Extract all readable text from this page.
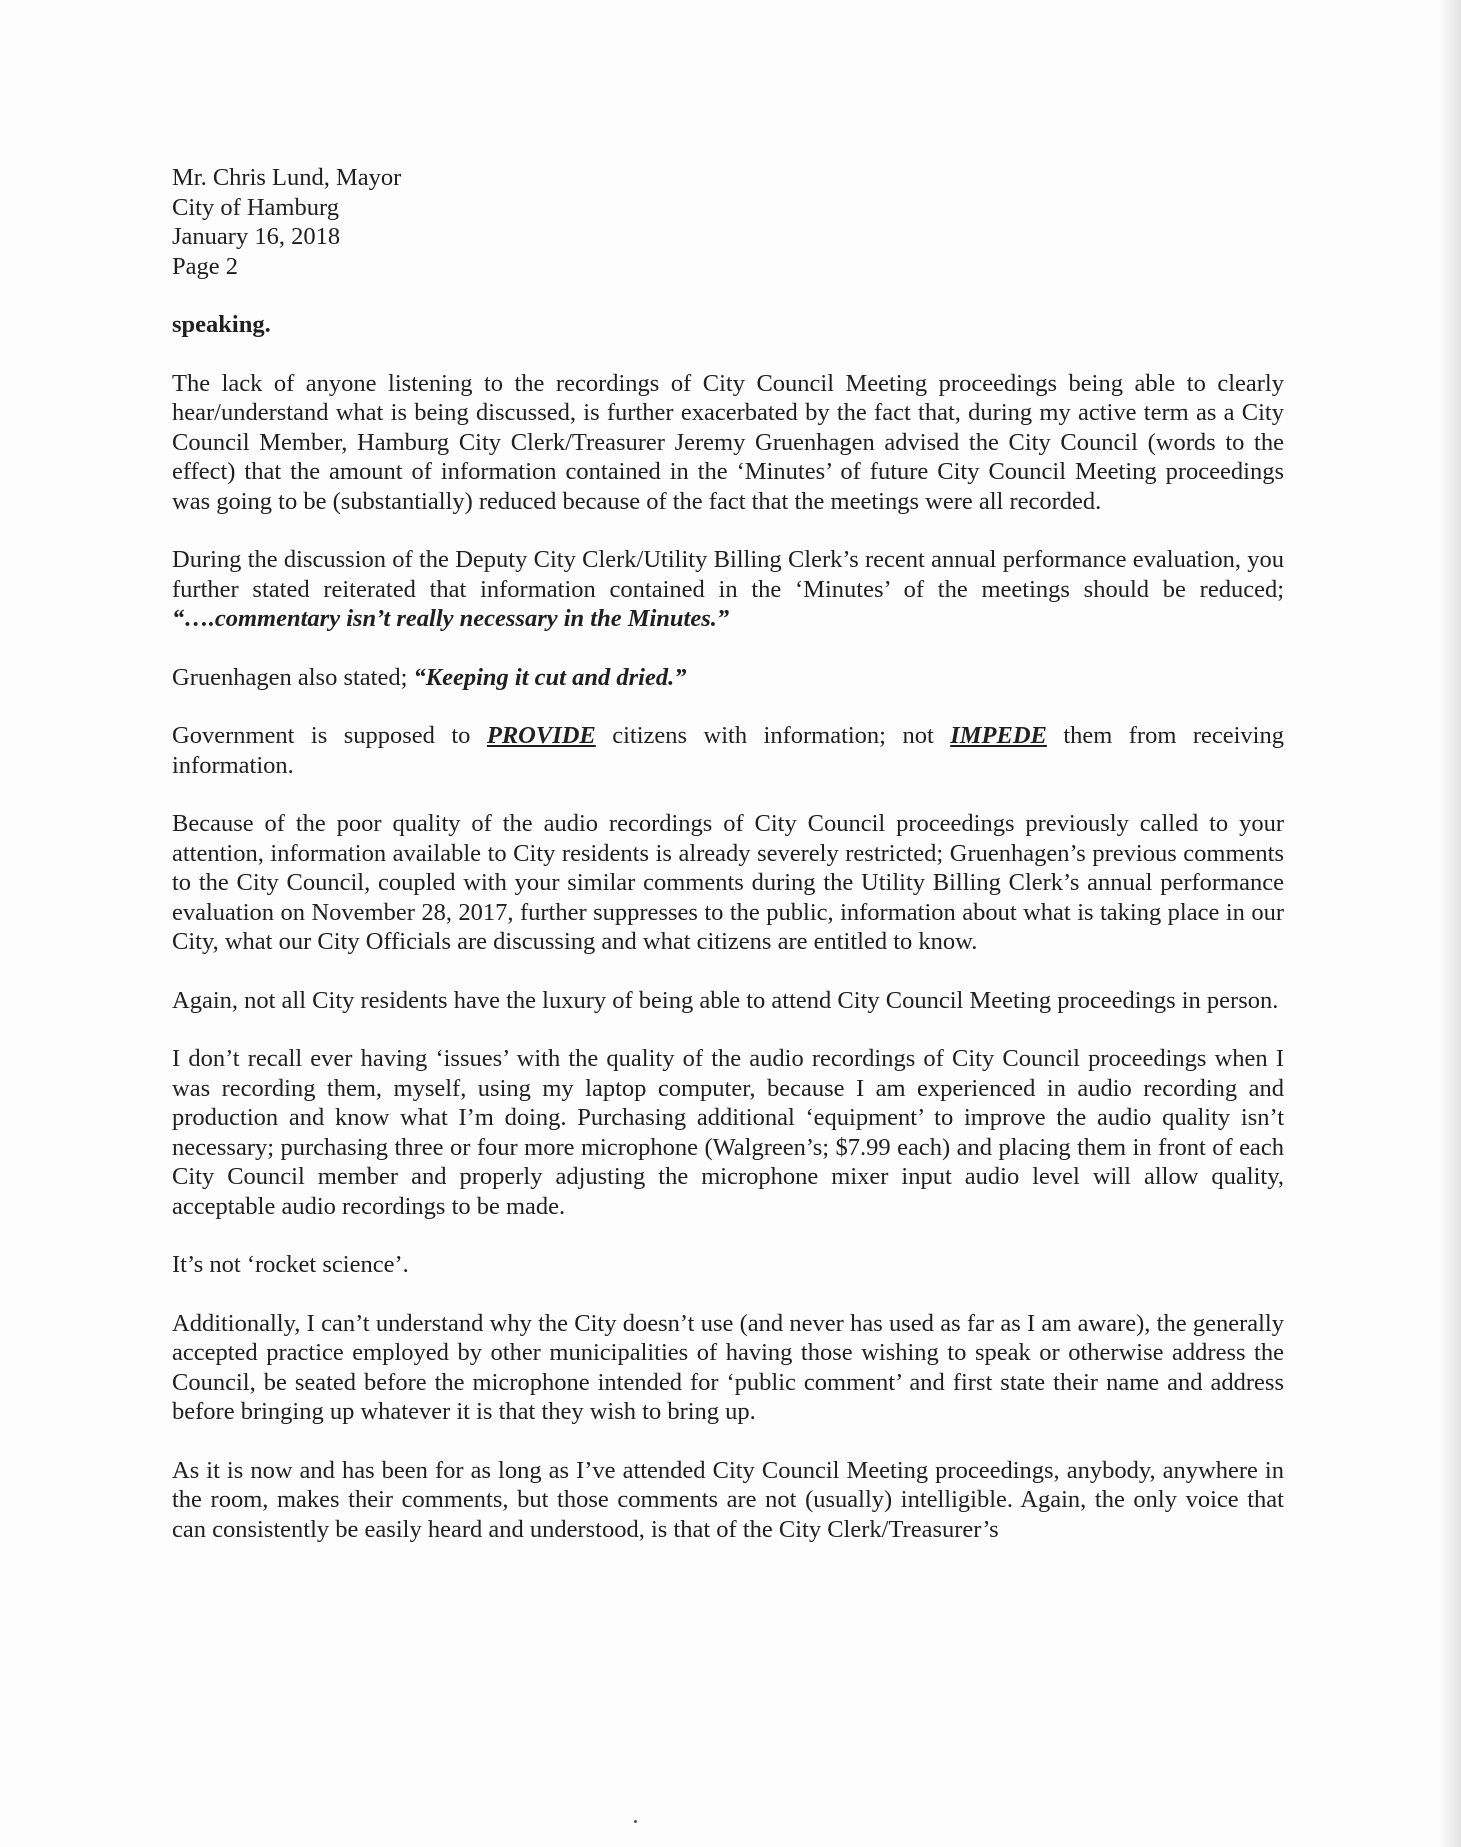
Mr. Chris Lund, Mayor
City of Hamburg
January 16, 2018
Page 2

speaking.

The lack of anyone listening to the recordings of City Council Meeting proceedings being able to clearly hear/understand what is being discussed, is further exacerbated by the fact that, during my active term as a City Council Member, Hamburg City Clerk/Treasurer Jeremy Gruenhagen advised the City Council (words to the effect) that the amount of information contained in the ‘Minutes’ of future City Council Meeting proceedings was going to be (substantially) reduced because of the fact that the meetings were all recorded.

During the discussion of the Deputy City Clerk/Utility Billing Clerk’s recent annual performance evaluation, you further stated reiterated that information contained in the ‘Minutes’ of the meetings should be reduced; “….commentary isn’t really necessary in the Minutes.”

Gruenhagen also stated; “Keeping it cut and dried.”

Government is supposed to PROVIDE citizens with information; not IMPEDE them from receiving information.

Because of the poor quality of the audio recordings of City Council proceedings previously called to your attention, information available to City residents is already severely restricted; Gruenhagen’s previous comments to the City Council, coupled with your similar comments during the Utility Billing Clerk’s annual performance evaluation on November 28, 2017, further suppresses to the public, information about what is taking place in our City, what our City Officials are discussing and what citizens are entitled to know.

Again, not all City residents have the luxury of being able to attend City Council Meeting proceedings in person.

I don’t recall ever having ‘issues’ with the quality of the audio recordings of City Council proceedings when I was recording them, myself, using my laptop computer, because I am experienced in audio recording and production and know what I’m doing. Purchasing additional ‘equipment’ to improve the audio quality isn’t necessary; purchasing three or four more microphone (Walgreen’s; $7.99 each) and placing them in front of each City Council member and properly adjusting the microphone mixer input audio level will allow quality, acceptable audio recordings to be made.

It’s not ‘rocket science’.

Additionally, I can’t understand why the City doesn’t use (and never has used as far as I am aware), the generally accepted practice employed by other municipalities of having those wishing to speak or otherwise address the Council, be seated before the microphone intended for ‘public comment’ and first state their name and address before bringing up whatever it is that they wish to bring up.

As it is now and has been for as long as I’ve attended City Council Meeting proceedings, anybody, anywhere in the room, makes their comments, but those comments are not (usually) intelligible. Again, the only voice that can consistently be easily heard and understood, is that of the City Clerk/Treasurer’s
